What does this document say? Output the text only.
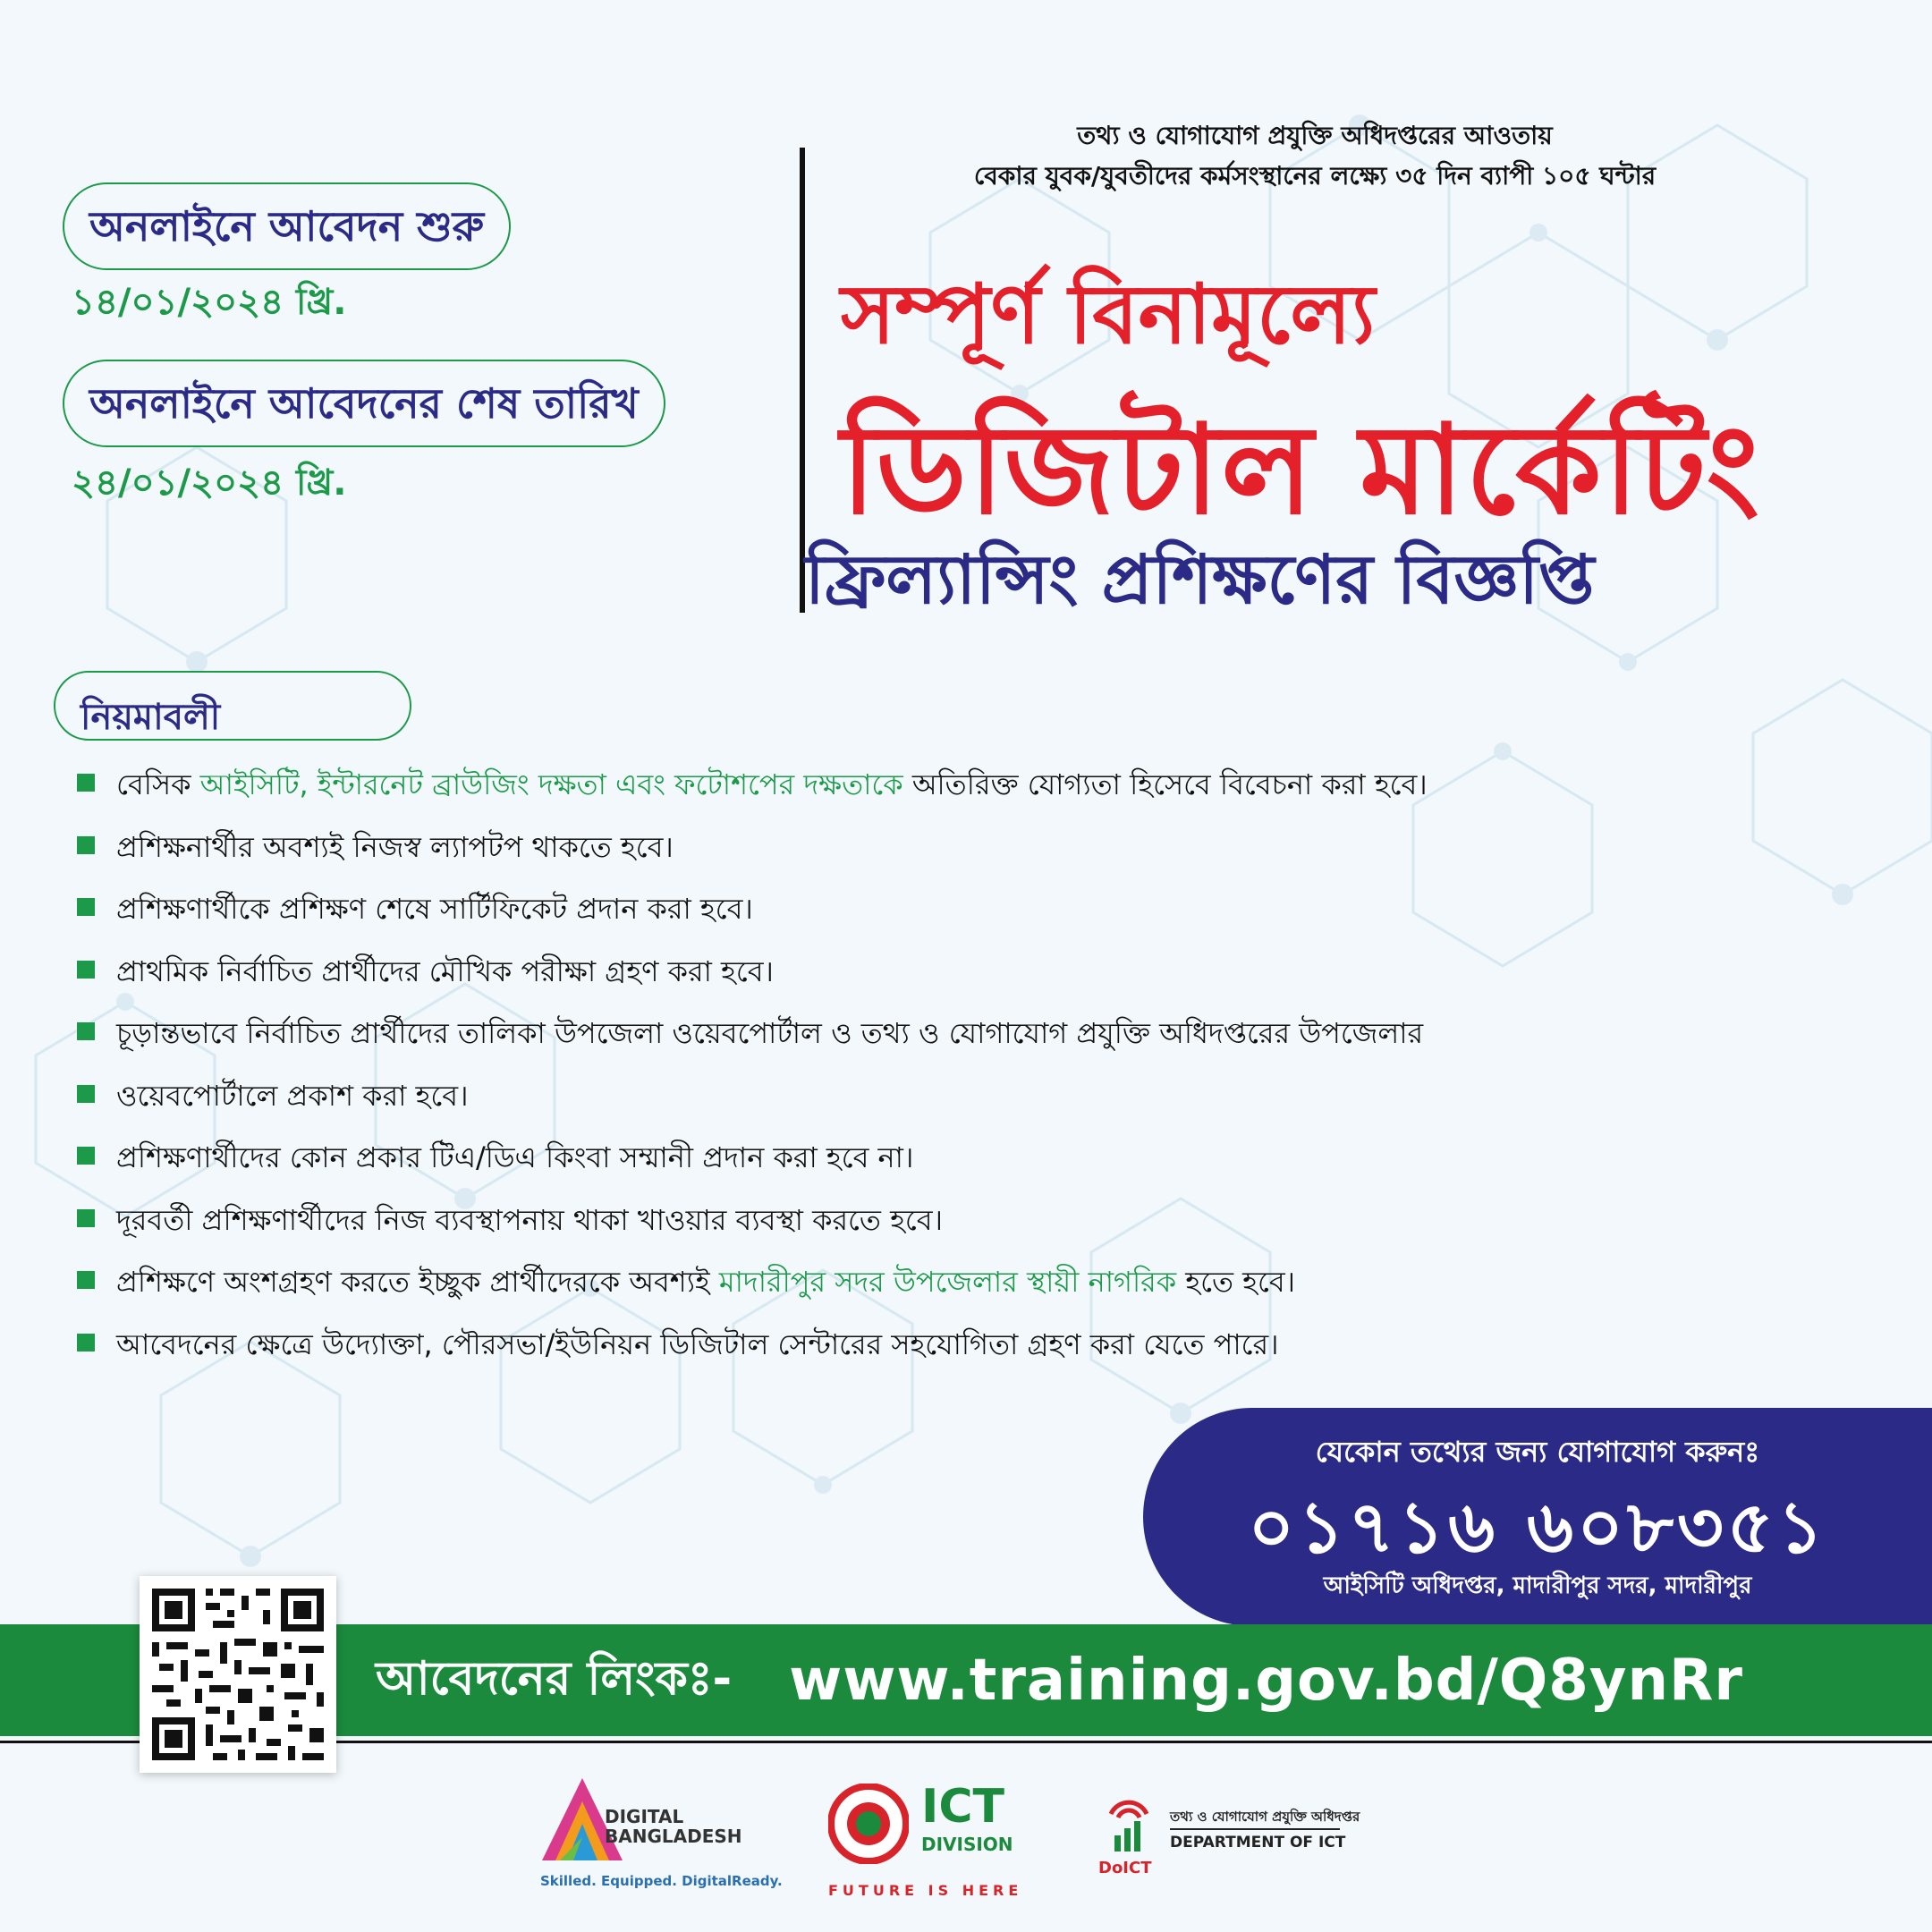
অনলাইনে আবেদন শুরু
১৪/০১/২০২৪ খ্রি.
অনলাইনে আবেদনের শেষ তারিখ
২৪/০১/২০২৪ খ্রি.
তথ্য ও যোগাযোগ প্রযুক্তি অধিদপ্তরের আওতায়
বেকার যুবক/যুবতীদের কর্মসংস্থানের লক্ষ্যে ৩৫ দিন ব্যাপী ১০৫ ঘন্টার
সম্পূর্ণ বিনামূল্যে
ডিজিটাল মার্কেটিং
ফ্রিল্যান্সিং প্রশিক্ষণের বিজ্ঞপ্তি
নিয়মাবলী
বেসিক আইসিটি, ইন্টারনেট ব্রাউজিং দক্ষতা এবং ফটোশপের দক্ষতাকে অতিরিক্ত যোগ্যতা হিসেবে বিবেচনা করা হবে।
প্রশিক্ষনার্থীর অবশ্যই নিজস্ব ল্যাপটপ থাকতে হবে।
প্রশিক্ষণার্থীকে প্রশিক্ষণ শেষে সার্টিফিকেট প্রদান করা হবে।
প্রাথমিক নির্বাচিত প্রার্থীদের মৌখিক পরীক্ষা গ্রহণ করা হবে।
চূড়ান্তভাবে নির্বাচিত প্রার্থীদের তালিকা উপজেলা ওয়েবপোর্টাল ও তথ্য ও যোগাযোগ প্রযুক্তি অধিদপ্তরের উপজেলার
ওয়েবপোর্টালে প্রকাশ করা হবে।
প্রশিক্ষণার্থীদের কোন প্রকার টিএ/ডিএ কিংবা সম্মানী প্রদান করা হবে না।
দূরবর্তী প্রশিক্ষণার্থীদের নিজ ব্যবস্থাপনায় থাকা খাওয়ার ব্যবস্থা করতে হবে।
প্রশিক্ষণে অংশগ্রহণ করতে ইচ্ছুক প্রার্থীদেরকে অবশ্যই মাদারীপুর সদর উপজেলার স্থায়ী নাগরিক হতে হবে।
আবেদনের ক্ষেত্রে উদ্যোক্তা, পৌরসভা/ইউনিয়ন ডিজিটাল সেন্টারের সহযোগিতা গ্রহণ করা যেতে পারে।
যেকোন তথ্যের জন্য যোগাযোগ করুনঃ
০১৭১৬ ৬০৮৩৫১
আইসিটি অধিদপ্তর, মাদারীপুর সদর, মাদারীপুর
আবেদনের লিংকঃ- www.training.gov.bd/Q8ynRr
DIGITAL
BANGLADESH
Skilled. Equipped. DigitalReady.
ICT
DIVISION
FUTURE IS HERE
DoICT
তথ্য ও যোগাযোগ প্রযুক্তি অধিদপ্তর
DEPARTMENT OF ICT
